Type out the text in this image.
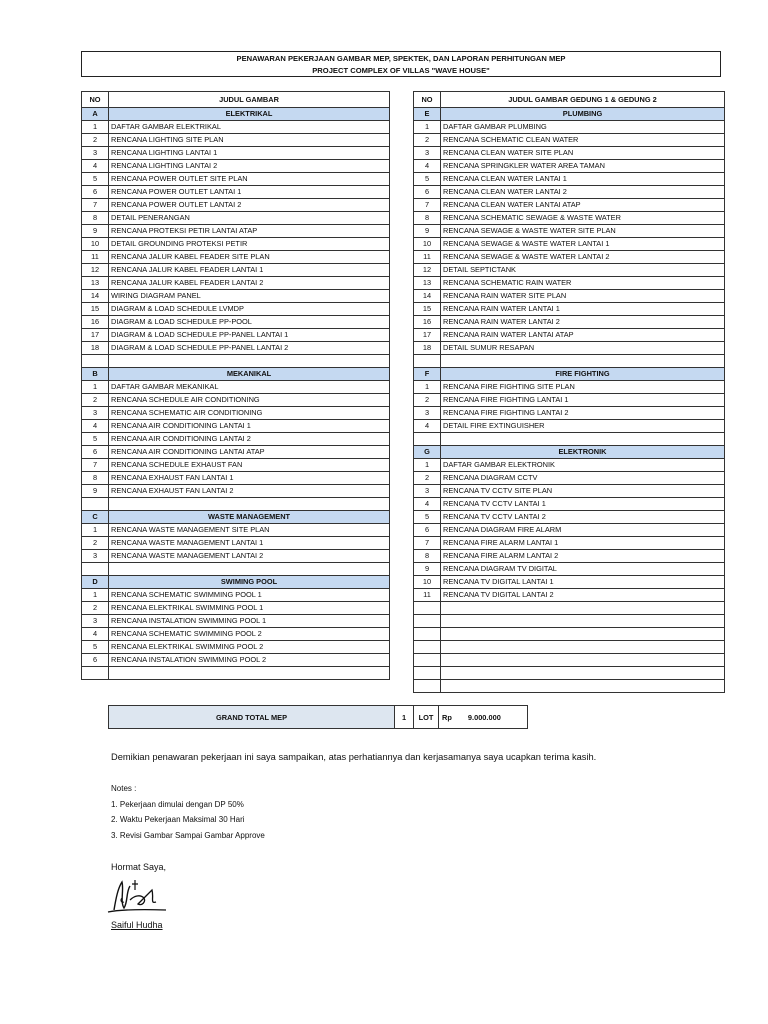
PENAWARAN PEKERJAAN GAMBAR MEP, SPEKTEK, DAN LAPORAN PERHITUNGAN MEP
PROJECT COMPLEX OF VILLAS "WAVE HOUSE"
NO	JUDUL GAMBAR
A	ELEKTRIKAL
1	DAFTAR GAMBAR ELEKTRIKAL
2	RENCANA LIGHTING SITE PLAN
3	RENCANA LIGHTING LANTAI 1
4	RENCANA LIGHTING LANTAI 2
5	RENCANA POWER OUTLET SITE PLAN
6	RENCANA POWER OUTLET LANTAI 1
7	RENCANA POWER OUTLET LANTAI 2
8	DETAIL PENERANGAN
9	RENCANA PROTEKSI PETIR LANTAI ATAP
10	DETAIL GROUNDING PROTEKSI PETIR
11	RENCANA JALUR KABEL FEADER SITE PLAN
12	RENCANA JALUR KABEL FEADER LANTAI 1
13	RENCANA JALUR KABEL FEADER LANTAI 2
14	WIRING DIAGRAM PANEL
15	DIAGRAM & LOAD SCHEDULE LVMDP
16	DIAGRAM & LOAD SCHEDULE PP-POOL
17	DIAGRAM & LOAD SCHEDULE PP-PANEL LANTAI 1
18	DIAGRAM & LOAD SCHEDULE PP-PANEL LANTAI 2

B	MEKANIKAL
1	DAFTAR GAMBAR MEKANIKAL
2	RENCANA SCHEDULE AIR CONDITIONING
3	RENCANA SCHEMATIC AIR CONDITIONING
4	RENCANA AIR CONDITIONING LANTAI 1
5	RENCANA AIR CONDITIONING LANTAI 2
6	RENCANA AIR CONDITIONING LANTAI ATAP
7	RENCANA SCHEDULE EXHAUST FAN
8	RENCANA EXHAUST FAN LANTAI 1
9	RENCANA EXHAUST FAN LANTAI 2

C	WASTE MANAGEMENT
1	RENCANA WASTE MANAGEMENT SITE PLAN
2	RENCANA WASTE MANAGEMENT LANTAI 1
3	RENCANA WASTE MANAGEMENT LANTAI 2

D	SWIMING POOL
1	RENCANA SCHEMATIC SWIMMING POOL 1
2	RENCANA ELEKTRIKAL SWIMMING POOL 1
3	RENCANA INSTALATION SWIMMING POOL 1
4	RENCANA SCHEMATIC SWIMMING POOL 2
5	RENCANA ELEKTRIKAL SWIMMING POOL 2
6	RENCANA INSTALATION SWIMMING POOL 2

NO	JUDUL GAMBAR GEDUNG 1 & GEDUNG 2
E	PLUMBING
1	DAFTAR GAMBAR PLUMBING
2	RENCANA SCHEMATIC CLEAN WATER
3	RENCANA CLEAN WATER SITE PLAN
4	RENCANA SPRINGKLER WATER AREA TAMAN
5	RENCANA CLEAN WATER LANTAI 1
6	RENCANA CLEAN WATER LANTAI 2
7	RENCANA CLEAN WATER LANTAI ATAP
8	RENCANA SCHEMATIC SEWAGE & WASTE WATER
9	RENCANA SEWAGE & WASTE WATER SITE PLAN
10	RENCANA SEWAGE & WASTE WATER LANTAI 1
11	RENCANA SEWAGE & WASTE WATER LANTAI 2
12	DETAIL SEPTICTANK
13	RENCANA SCHEMATIC RAIN WATER
14	RENCANA RAIN WATER SITE PLAN
15	RENCANA RAIN WATER LANTAI 1
16	RENCANA RAIN WATER LANTAI 2
17	RENCANA RAIN WATER LANTAI ATAP
18	DETAIL SUMUR RESAPAN

F	FIRE FIGHTING
1	RENCANA FIRE FIGHTING SITE PLAN
2	RENCANA FIRE FIGHTING LANTAI 1
3	RENCANA FIRE FIGHTING LANTAI 2
4	DETAIL FIRE EXTINGUISHER

G	ELEKTRONIK
1	DAFTAR GAMBAR ELEKTRONIK
2	RENCANA DIAGRAM CCTV
3	RENCANA TV CCTV SITE PLAN
4	RENCANA TV CCTV LANTAI 1
5	RENCANA TV CCTV LANTAI 2
6	RENCANA DIAGRAM FIRE ALARM
7	RENCANA FIRE ALARM LANTAI 1
8	RENCANA FIRE ALARM LANTAI 2
9	RENCANA DIAGRAM TV DIGITAL
10	RENCANA TV DIGITAL LANTAI 1
11	RENCANA TV DIGITAL LANTAI 2

GRAND TOTAL MEP	1	LOT	Rp 9.000.000
Demikian penawaran pekerjaan ini saya sampaikan, atas perhatiannya dan kerjasamanya saya ucapkan terima kasih.
Notes :
1. Pekerjaan dimulai dengan DP 50%
2. Waktu Pekerjaan Maksimal 30 Hari
3. Revisi Gambar Sampai Gambar Approve
Hormat Saya,
Saiful Hudha
